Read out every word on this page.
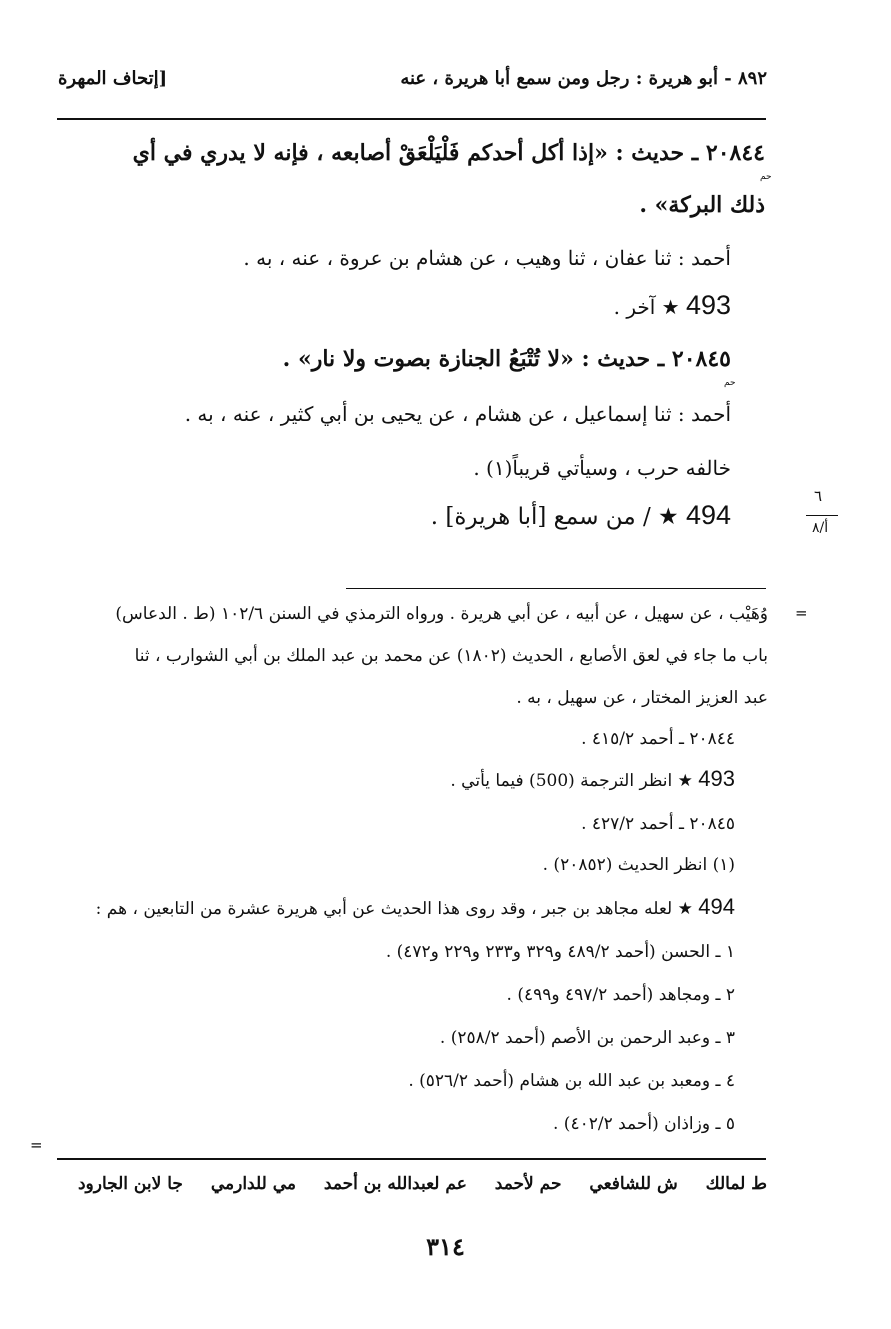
٨٩٢ - أبو هريرة : رجل ومن سمع أبا هريرة ، عنه
[إتحاف المهرة
٢٠٨٤٤ ـ حديث : «إذا أكل أحدكم فَلْيَلْعَقْ أصابعه ، فإنه لا يدري في أي
حم
ذلك البركة» .
أحمد : ثنا عفان ، ثنا وهيب ، عن هشام بن عروة ، عنه ، به .
493 ★ آخر .
٢٠٨٤٥ ـ حديث : «لا تُتْبَعُ الجنازة بصوت ولا نار» .
حم
أحمد : ثنا إسماعيل ، عن هشام ، عن يحيى بن أبي كثير ، عنه ، به .
خالفه حرب ، وسيأتي قريباً(١) .
494 ★ / من سمع [أبا هريرة] .
٦
أ/٨
=
وُهَيْب ، عن سهيل ، عن أبيه ، عن أبي هريرة . ورواه الترمذي في السنن ١٠٢/٦ (ط . الدعاس)
باب ما جاء في لعق الأصابع ، الحديث (١٨٠٢) عن محمد بن عبد الملك بن أبي الشوارب ، ثنا
عبد العزيز المختار ، عن سهيل ، به .
٢٠٨٤٤ ـ أحمد ٤١٥/٢ .
493 ★ انظر الترجمة (500) فيما يأتي .
٢٠٨٤٥ ـ أحمد ٤٢٧/٢ .
(١) انظر الحديث (٢٠٨٥٢) .
494 ★ لعله مجاهد بن جبر ، وقد روى هذا الحديث عن أبي هريرة عشرة من التابعين ، هم :
١ ـ الحسن (أحمد ٤٨٩/٢ و٣٢٩ و٢٣٣ و٢٢٩ و٤٧٢) .
٢ ـ ومجاهد (أحمد ٤٩٧/٢ و٤٩٩) .
٣ ـ وعبد الرحمن بن الأصم (أحمد ٢٥٨/٢) .
٤ ـ ومعبد بن عبد الله بن هشام (أحمد ٥٢٦/٢) .
٥ ـ وزاذان (أحمد ٤٠٢/٢) .
=
ط لمالك ش للشافعي حم لأحمد عم لعبدالله بن أحمد مي للدارمي جا لابن الجارود
٣١٤
